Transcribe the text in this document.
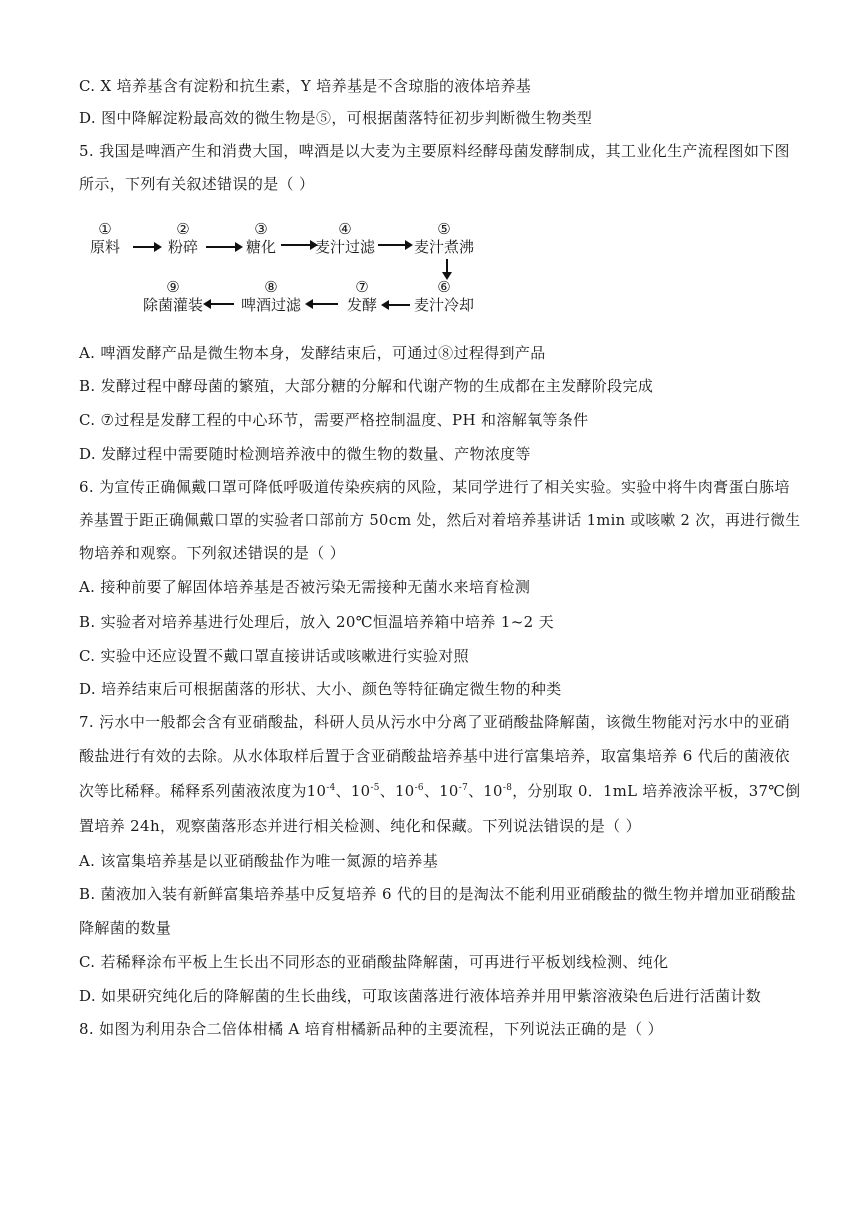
C. X 培养基含有淀粉和抗生素，Y 培养基是不含琼脂的液体培养基
D. 图中降解淀粉最高效的微生物是⑤，可根据菌落特征初步判断微生物类型
5. 我国是啤酒产生和消费大国，啤酒是以大麦为主要原料经酵母菌发酵制成，其工业化生产流程图如下图
所示，下列有关叙述错误的是（ ）
①
原料
②
粉碎
③
糖化
④
麦汁过滤
⑤
麦汁煮沸
⑥
麦汁冷却
⑦
发酵
⑧
啤酒过滤
⑨
除菌灌装
A. 啤酒发酵产品是微生物本身，发酵结束后，可通过⑧过程得到产品
B. 发酵过程中酵母菌的繁殖，大部分糖的分解和代谢产物的生成都在主发酵阶段完成
C. ⑦过程是发酵工程的中心环节，需要严格控制温度、PH 和溶解氧等条件
D. 发酵过程中需要随时检测培养液中的微生物的数量、产物浓度等
6. 为宣传正确佩戴口罩可降低呼吸道传染疾病的风险，某同学进行了相关实验。实验中将牛肉膏蛋白胨培
养基置于距正确佩戴口罩的实验者口部前方 50cm 处，然后对着培养基讲话 1min 或咳嗽 2 次，再进行微生
物培养和观察。下列叙述错误的是（ ）
A. 接种前要了解固体培养基是否被污染无需接种无菌水来培育检测
B. 实验者对培养基进行处理后，放入 20℃恒温培养箱中培养 1~2 天
C. 实验中还应设置不戴口罩直接讲话或咳嗽进行实验对照
D. 培养结束后可根据菌落的形状、大小、颜色等特征确定微生物的种类
7. 污水中一般都会含有亚硝酸盐，科研人员从污水中分离了亚硝酸盐降解菌，该微生物能对污水中的亚硝
酸盐进行有效的去除。从水体取样后置于含亚硝酸盐培养基中进行富集培养，取富集培养 6 代后的菌液依
次等比稀释。稀释系列菌液浓度为$10^{-4}$、$10^{-5}$、$10^{-6}$、$10^{-7}$、$10^{-8}$，分别取 0．1mL 培养液涂平板，37℃倒
置培养 24h，观察菌落形态并进行相关检测、纯化和保藏。下列说法错误的是（ ）
A. 该富集培养基是以亚硝酸盐作为唯一氮源的培养基
B. 菌液加入装有新鲜富集培养基中反复培养 6 代的目的是淘汰不能利用亚硝酸盐的微生物并增加亚硝酸盐
降解菌的数量
C. 若稀释涂布平板上生长出不同形态的亚硝酸盐降解菌，可再进行平板划线检测、纯化
D. 如果研究纯化后的降解菌的生长曲线，可取该菌落进行液体培养并用甲紫溶液染色后进行活菌计数
8. 如图为利用杂合二倍体柑橘 A 培育柑橘新品种的主要流程，下列说法正确的是（ ）
